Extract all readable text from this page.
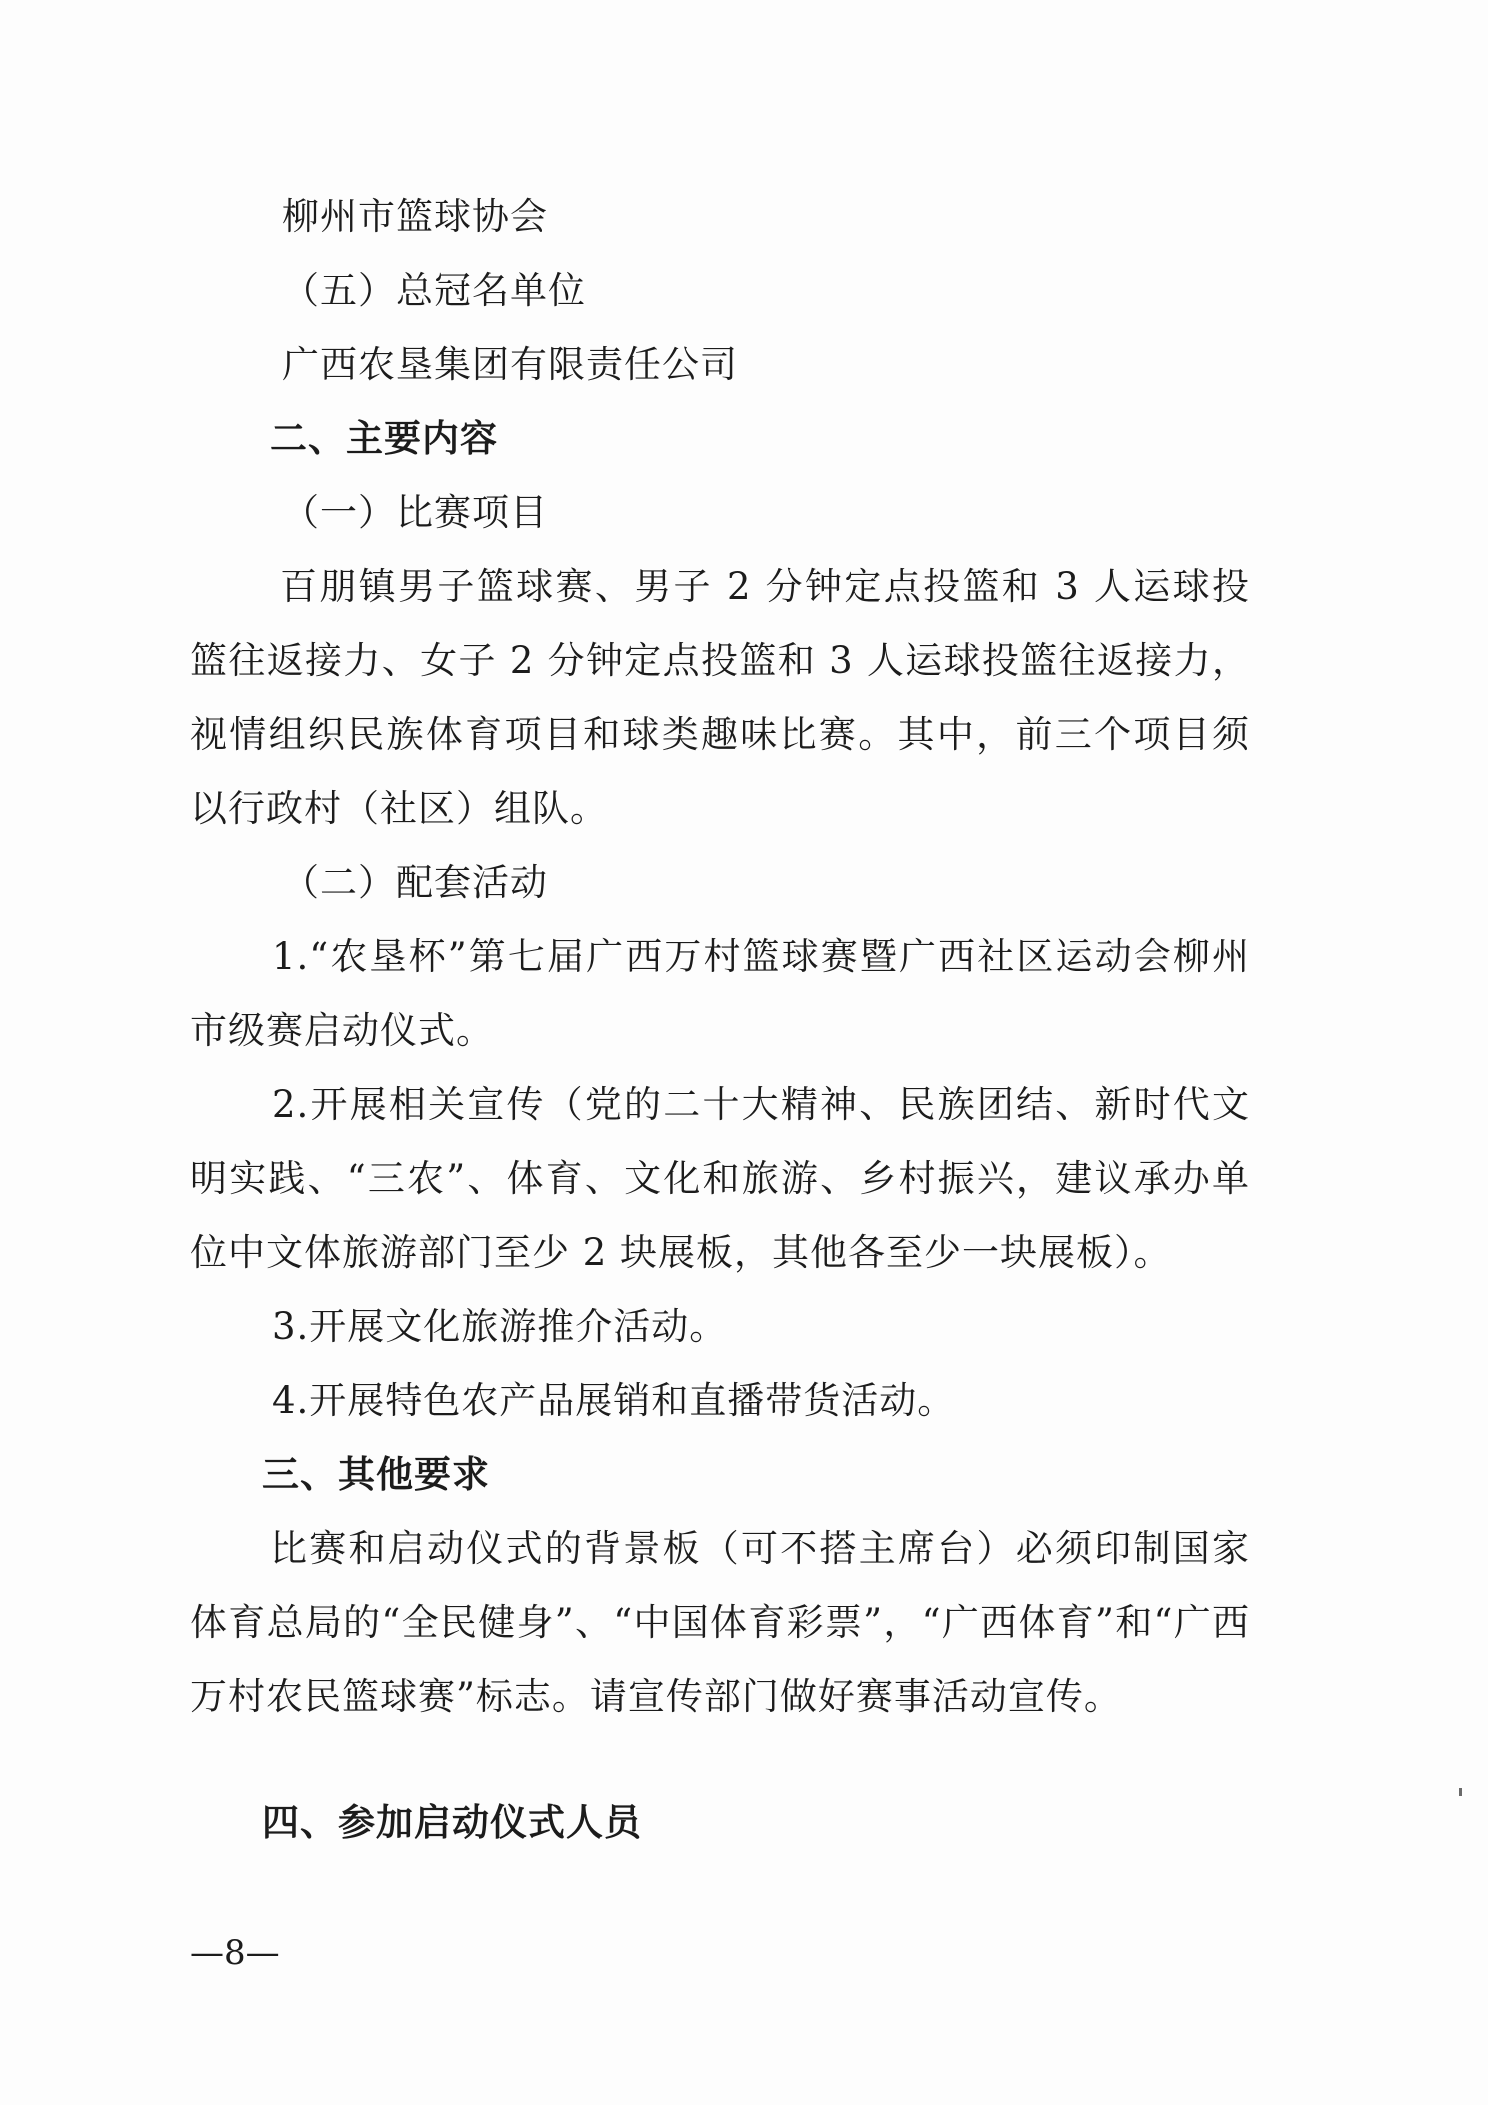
柳州市篮球协会
（五）总冠名单位
广西农垦集团有限责任公司
二、主要内容
（一）比赛项目
百朋镇男子篮球赛、男子 2 分钟定点投篮和 3 人运球投篮往返接力、女子 2 分钟定点投篮和 3 人运球投篮往返接力，视情组织民族体育项目和球类趣味比赛。其中，前三个项目须以行政村（社区）组队。
（二）配套活动
1.“农垦杯”第七届广西万村篮球赛暨广西社区运动会柳州市级赛启动仪式。
2.开展相关宣传（党的二十大精神、民族团结、新时代文明实践、“三农”、体育、文化和旅游、乡村振兴，建议承办单位中文体旅游部门至少 2 块展板，其他各至少一块展板）。
3.开展文化旅游推介活动。
4.开展特色农产品展销和直播带货活动。
三、其他要求
比赛和启动仪式的背景板（可不搭主席台）必须印制国家体育总局的“全民健身”、“中国体育彩票”，“广西体育”和“广西万村农民篮球赛”标志。请宣传部门做好赛事活动宣传。
四、参加启动仪式人员
—8—
